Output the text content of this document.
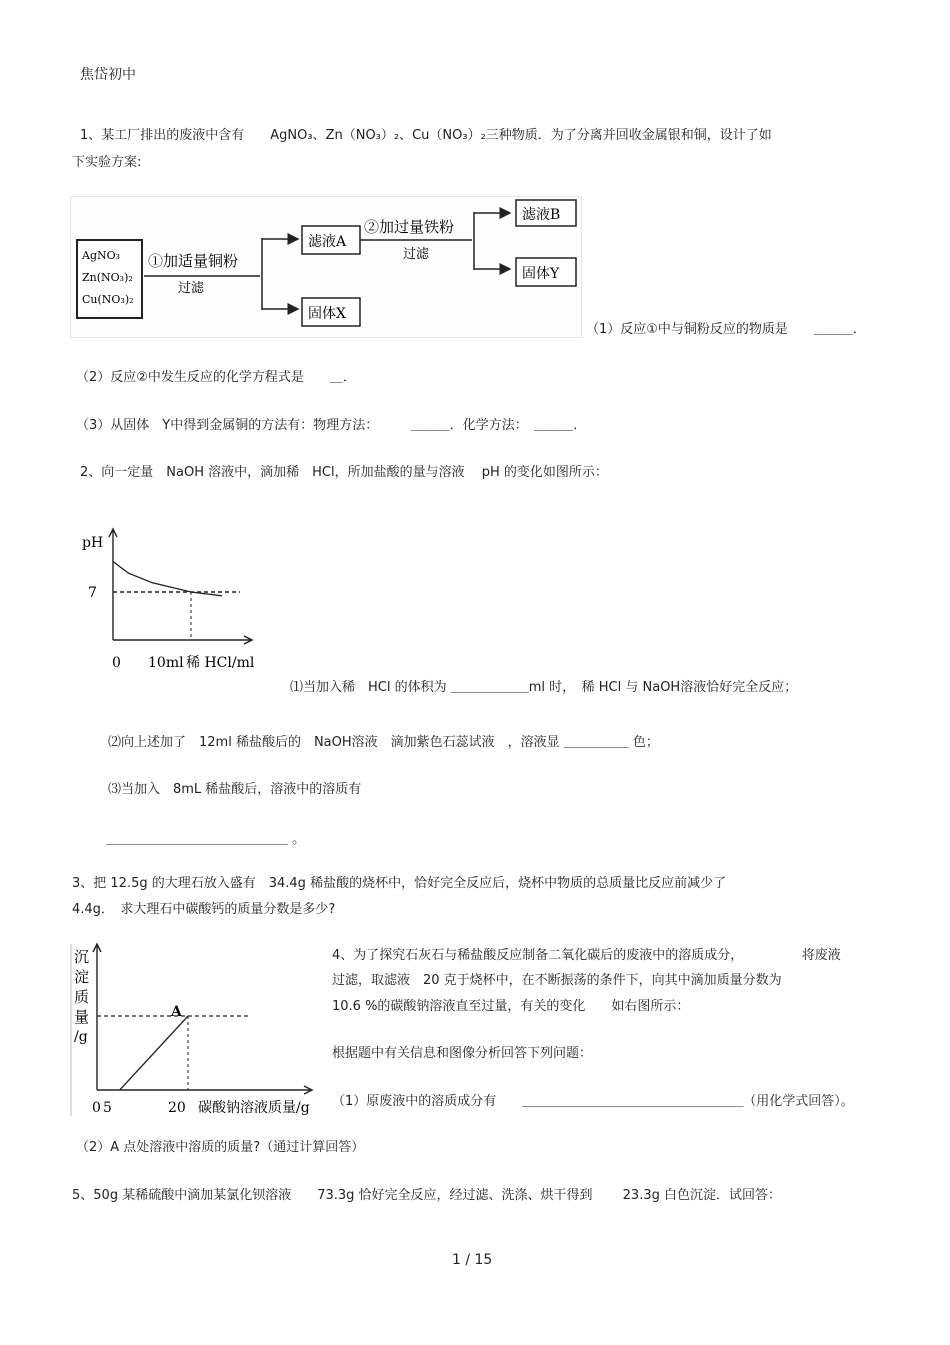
焦岱初中
1、某工厂排出的废液中含有　　AgNO₃、Zn（NO₃）₂、Cu（NO₃）₂三种物质．为了分离并回收金属银和铜，设计了如
下实验方案:
AgNO₃
Zn(NO₃)₂
Cu(NO₃)₂
①加适量铜粉
过滤
滤液A
固体X
②加过量铁粉
过滤
滤液B
固体Y
（1）反应①中与铜粉反应的物质是　　＿＿＿．
（2）反应②中发生反应的化学方程式是　　＿．
（3）从固体　Y中得到金属铜的方法有：物理方法：　　　＿＿＿．化学方法：　＿＿＿．
2、向一定量　NaOH 溶液中，滴加稀　HCl，所加盐酸的量与溶液　 pH 的变化如图所示：
pH
7
0 10ml 稀 HCl/ml
⑴当加入稀　HCl 的体积为 ＿＿＿＿＿＿ml 时，　稀 HCl 与 NaOH溶液恰好完全反应；
⑵向上述加了　12ml 稀盐酸后的　NaOH溶液　滴加紫色石蕊试液　，溶液显 ＿＿＿＿＿ 色；
⑶当加入　8mL 稀盐酸后，溶液中的溶质有
＿＿＿＿＿＿＿＿＿＿＿＿＿＿ 。
3、把 12.5g 的大理石放入盛有　34.4g 稀盐酸的烧杯中，恰好完全反应后，烧杯中物质的总质量比反应前减少了
4.4g．　求大理石中碳酸钙的质量分数是多少?
沉
淀
质
量
/g
0 5	20 碳酸钠溶液质量/g
A
4、为了探究石灰石与稀盐酸反应制备二氧化碳后的废液中的溶质成分，　　　　　将废液
过滤，取滤液　20 克于烧杯中，在不断振荡的条件下，向其中滴加质量分数为
10.6 %的碳酸钠溶液直至过量，有关的变化　　如右图所示：
根据题中有关信息和图像分析回答下列问题：
（1）原废液中的溶质成分有　　＿＿＿＿＿＿＿＿＿＿＿＿＿＿＿＿＿（用化学式回答）。
（2）A 点处溶液中溶质的质量?（通过计算回答）
5、50g 某稀硫酸中滴加某氯化钡溶液　　73.3g 恰好完全反应，经过滤、洗涤、烘干得到　　 23.3g 白色沉淀．试回答：
1 / 15
